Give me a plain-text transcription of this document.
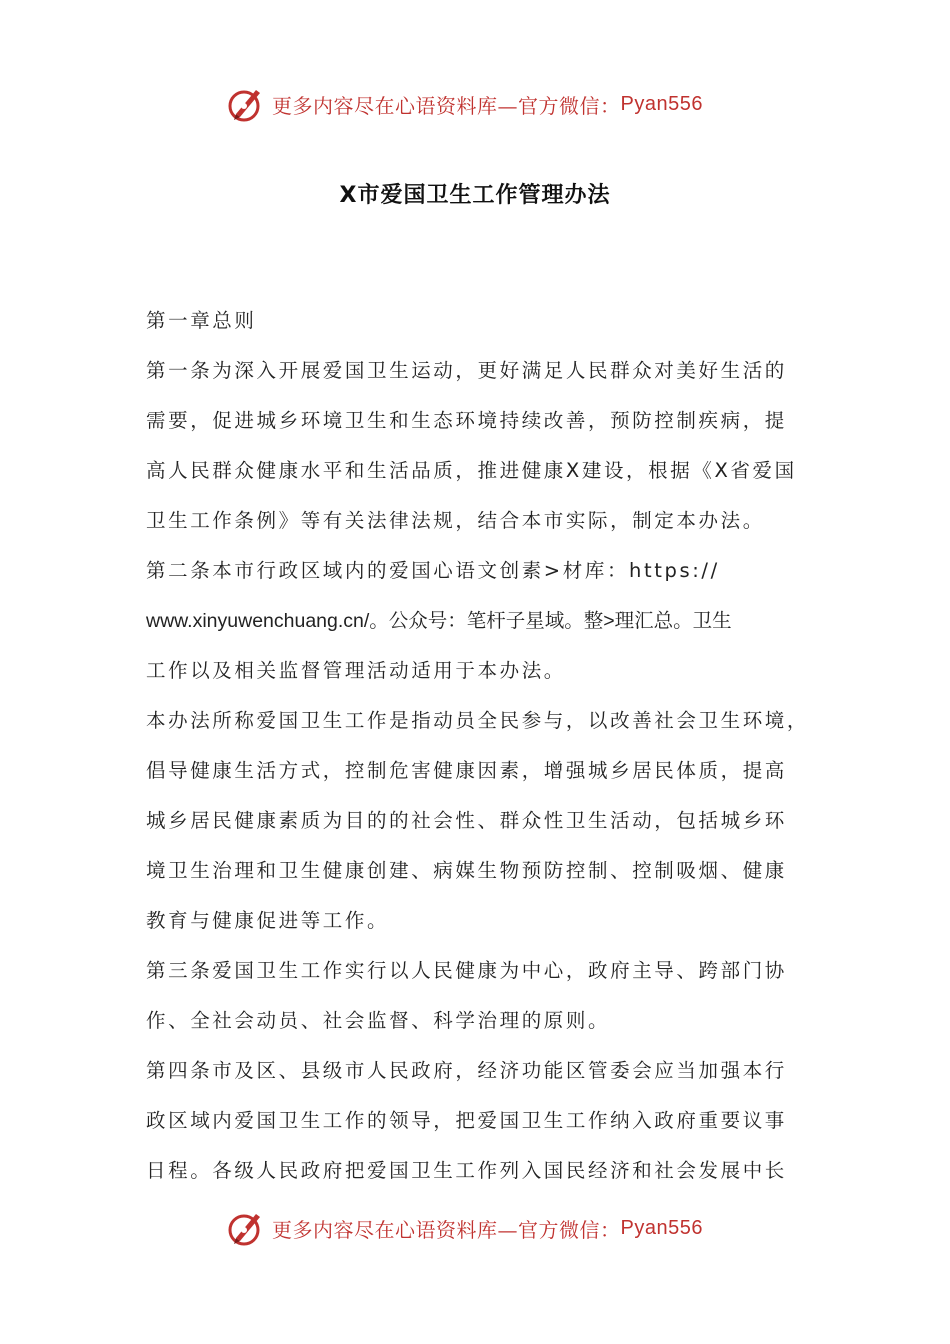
更多内容尽在心语资料库—官方微信： Pyan556
X市爱国卫生工作管理办法

第一章总则

第一条为深入开展爱国卫生运动，更好满足人民群众对美好生活的
需要，促进城乡环境卫生和生态环境持续改善，预防控制疾病，提
高人民群众健康水平和生活品质，推进健康X建设，根据《X省爱国
卫生工作条例》等有关法律法规，结合本市实际，制定本办法。

第二条本市行政区域内的爱国心语文创素>材库：https://
www.xinyuwenchuang.cn/。公众号：笔杆子星域。整>理汇总。卫生
工作以及相关监督管理活动适用于本办法。

本办法所称爱国卫生工作是指动员全民参与，以改善社会卫生环境，
倡导健康生活方式，控制危害健康因素，增强城乡居民体质，提高
城乡居民健康素质为目的的社会性、群众性卫生活动，包括城乡环
境卫生治理和卫生健康创建、病媒生物预防控制、控制吸烟、健康
教育与健康促进等工作。

第三条爱国卫生工作实行以人民健康为中心，政府主导、跨部门协
作、全社会动员、社会监督、科学治理的原则。

第四条市及区、县级市人民政府，经济功能区管委会应当加强本行
政区域内爱国卫生工作的领导，把爱国卫生工作纳入政府重要议事
日程。各级人民政府把爱国卫生工作列入国民经济和社会发展中长

更多内容尽在心语资料库—官方微信： Pyan556
